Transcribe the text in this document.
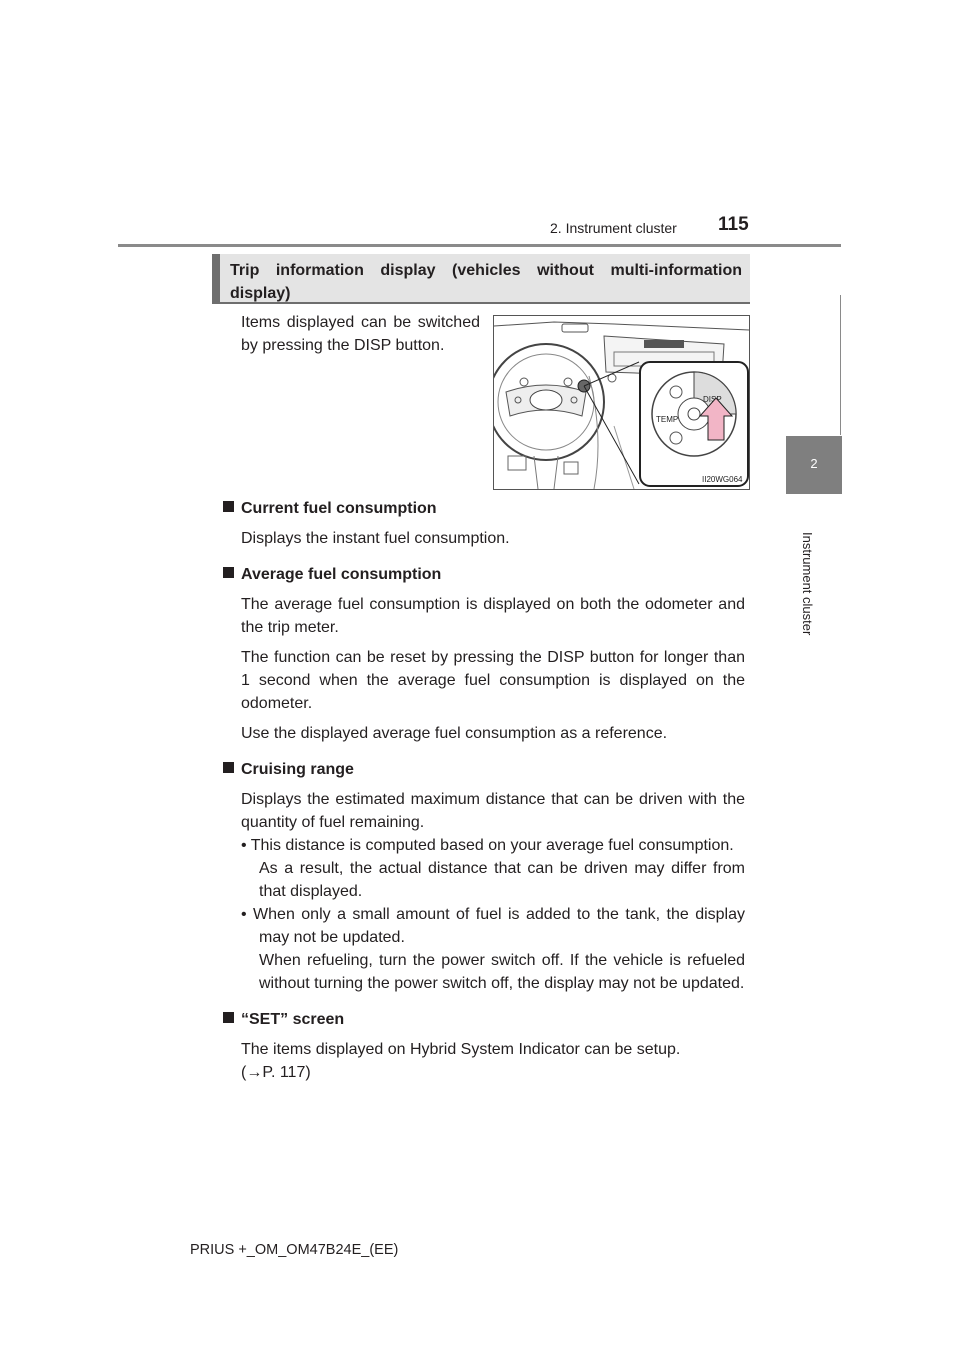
2. Instrument cluster 115
2
Instrument cluster
Trip information display (vehicles without multi-information display)
Items displayed can be switched by pressing the DISP button.
DISP
TEMP
II20WG064
Current fuel consumption
Displays the instant fuel consumption.
Average fuel consumption
The average fuel consumption is displayed on both the odometer and the trip meter.
The function can be reset by pressing the DISP button for longer than 1 second when the average fuel consumption is displayed on the odometer.
Use the displayed average fuel consumption as a reference.
Cruising range
Displays the estimated maximum distance that can be driven with the quantity of fuel remaining.
• This distance is computed based on your average fuel consumption.
As a result, the actual distance that can be driven may differ from that displayed.
• When only a small amount of fuel is added to the tank, the display may not be updated.
When refueling, turn the power switch off. If the vehicle is refueled without turning the power switch off, the display may not be updated.
“SET” screen
The items displayed on Hybrid System Indicator can be setup.
(→P. 117)
PRIUS +_OM_OM47B24E_(EE)
